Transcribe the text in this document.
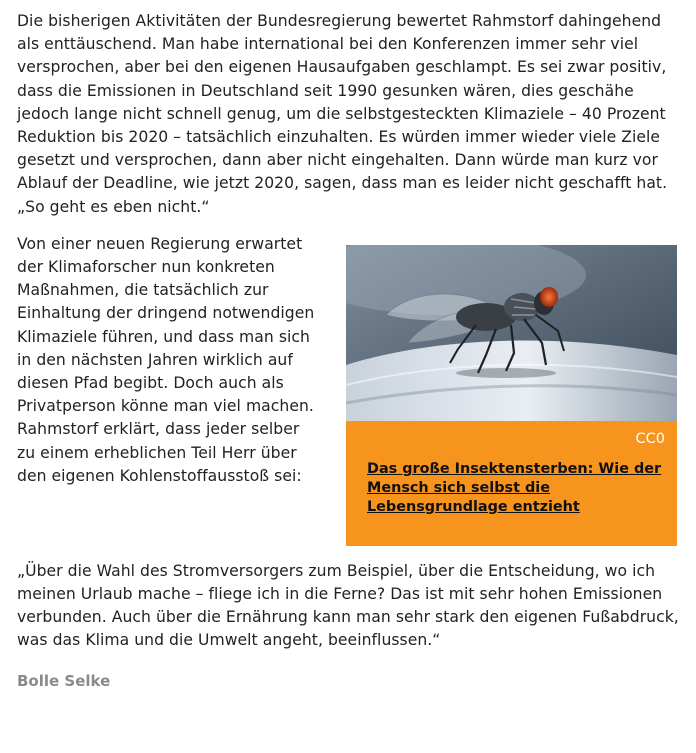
Die bisherigen Aktivitäten der Bundesregierung bewertet Rahmstorf dahingehend als enttäuschend. Man habe international bei den Konferenzen immer sehr viel versprochen, aber bei den eigenen Hausaufgaben geschlampt. Es sei zwar positiv, dass die Emissionen in Deutschland seit 1990 gesunken wären, dies geschähe jedoch lange nicht schnell genug, um die selbstgesteckten Klimaziele – 40 Prozent Reduktion bis 2020 – tatsächlich einzuhalten. Es würden immer wieder viele Ziele gesetzt und versprochen, dann aber nicht eingehalten. Dann würde man kurz vor Ablauf der Deadline, wie jetzt 2020, sagen, dass man es leider nicht geschafft hat. „So geht es eben nicht.“

Von einer neuen Regierung erwartet der Klimaforscher nun konkreten Maßnahmen, die tatsächlich zur Einhaltung der dringend notwendigen Klimaziele führen, und dass man sich in den nächsten Jahren wirklich auf diesen Pfad begibt. Doch auch als Privatperson könne man viel machen. Rahmstorf erklärt, dass jeder selber zu einem erheblichen Teil Herr über den eigenen Kohlenstoffausstoß sei:

CC0
Das große Insektensterben: Wie der Mensch sich selbst die Lebensgrundlage entzieht

„Über die Wahl des Stromversorgers zum Beispiel, über die Entscheidung, wo ich meinen Urlaub mache – fliege ich in die Ferne? Das ist mit sehr hohen Emissionen verbunden. Auch über die Ernährung kann man sehr stark den eigenen Fußabdruck, was das Klima und die Umwelt angeht, beeinflussen.“

Bolle Selke
